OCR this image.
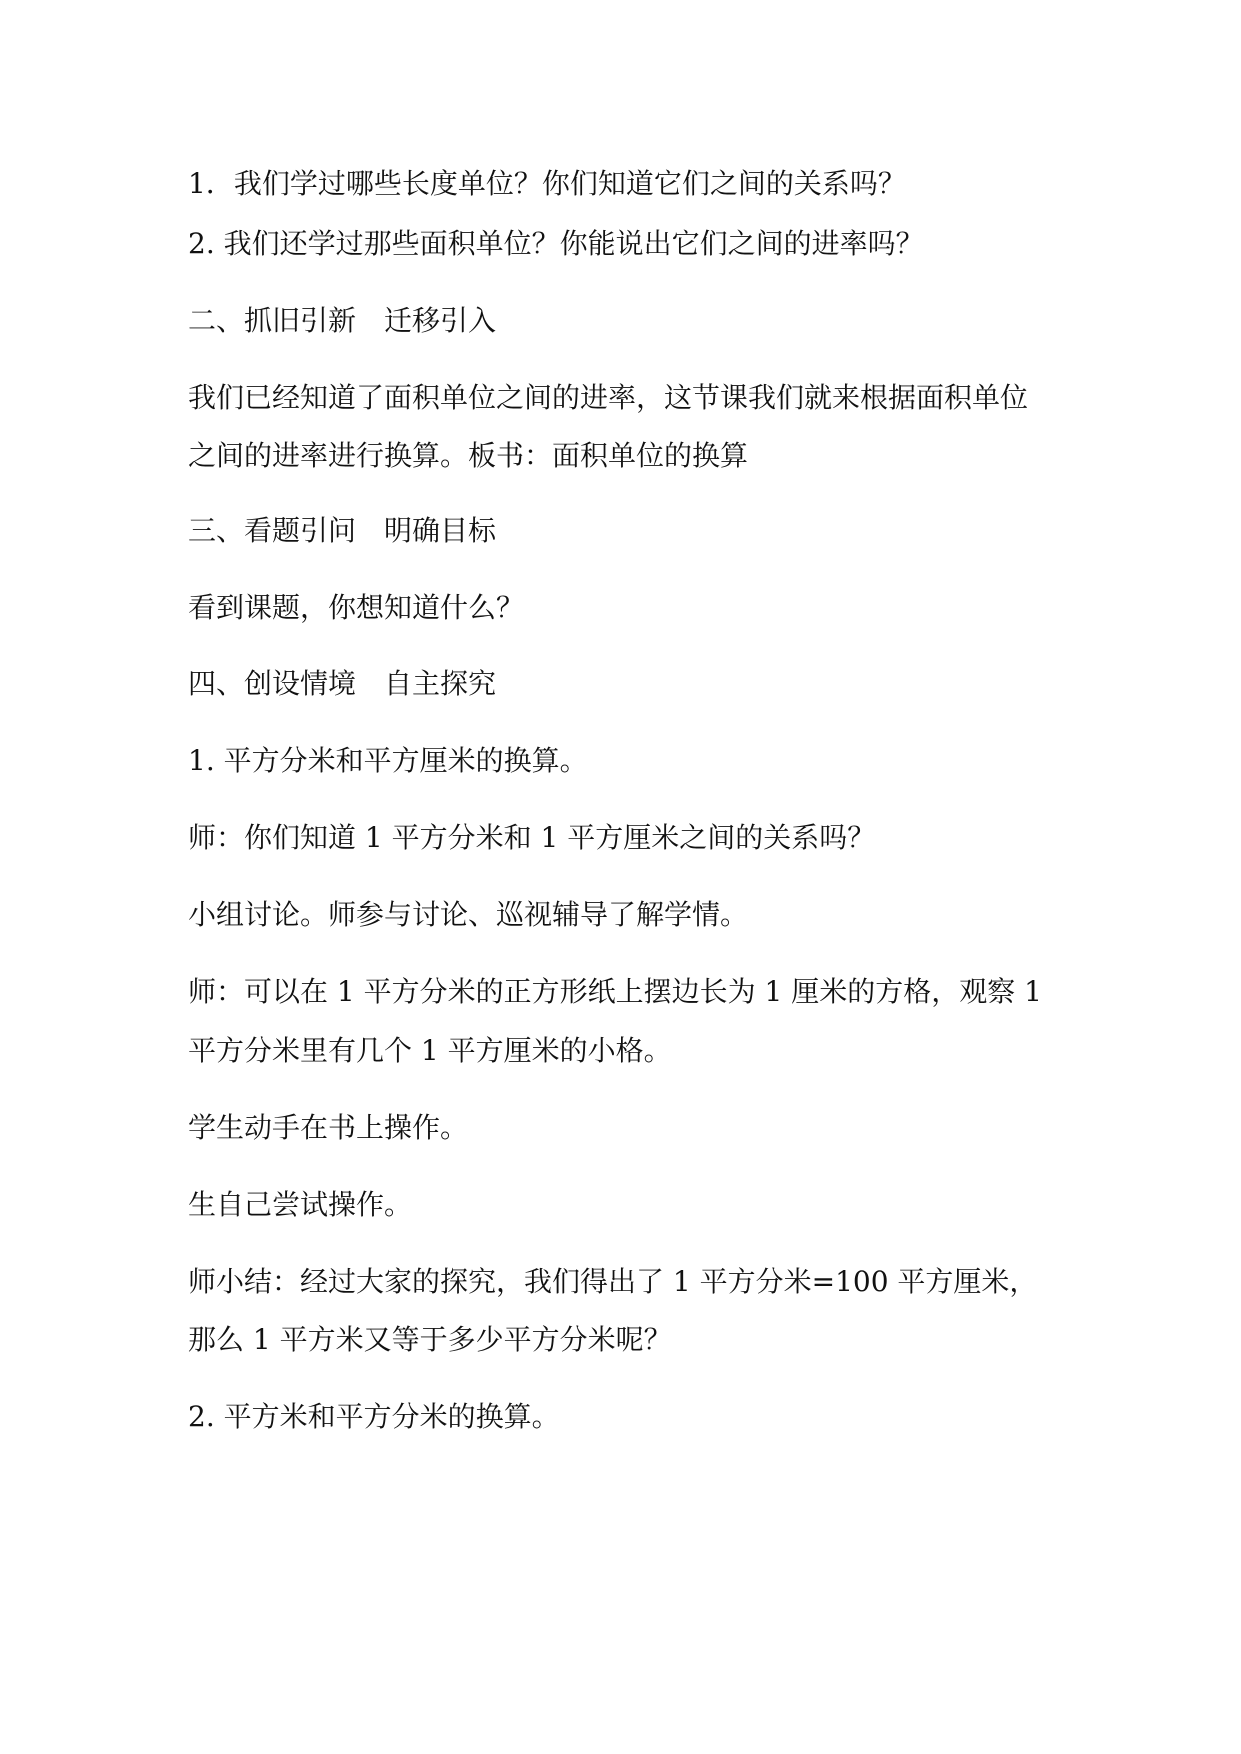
1．我们学过哪些长度单位？你们知道它们之间的关系吗？

2. 我们还学过那些面积单位？你能说出它们之间的进率吗？

二、抓旧引新　迁移引入

我们已经知道了面积单位之间的进率，这节课我们就来根据面积单位

之间的进率进行换算。板书：面积单位的换算

三、看题引问　明确目标

看到课题，你想知道什么？

四、创设情境　自主探究

1. 平方分米和平方厘米的换算。

师：你们知道 1 平方分米和 1 平方厘米之间的关系吗？

小组讨论。师参与讨论、巡视辅导了解学情。

师：可以在 1 平方分米的正方形纸上摆边长为 1 厘米的方格，观察 1

平方分米里有几个 1 平方厘米的小格。

学生动手在书上操作。

生自己尝试操作。

师小结：经过大家的探究，我们得出了 1 平方分米=100 平方厘米，

那么 1 平方米又等于多少平方分米呢？

2. 平方米和平方分米的换算。
